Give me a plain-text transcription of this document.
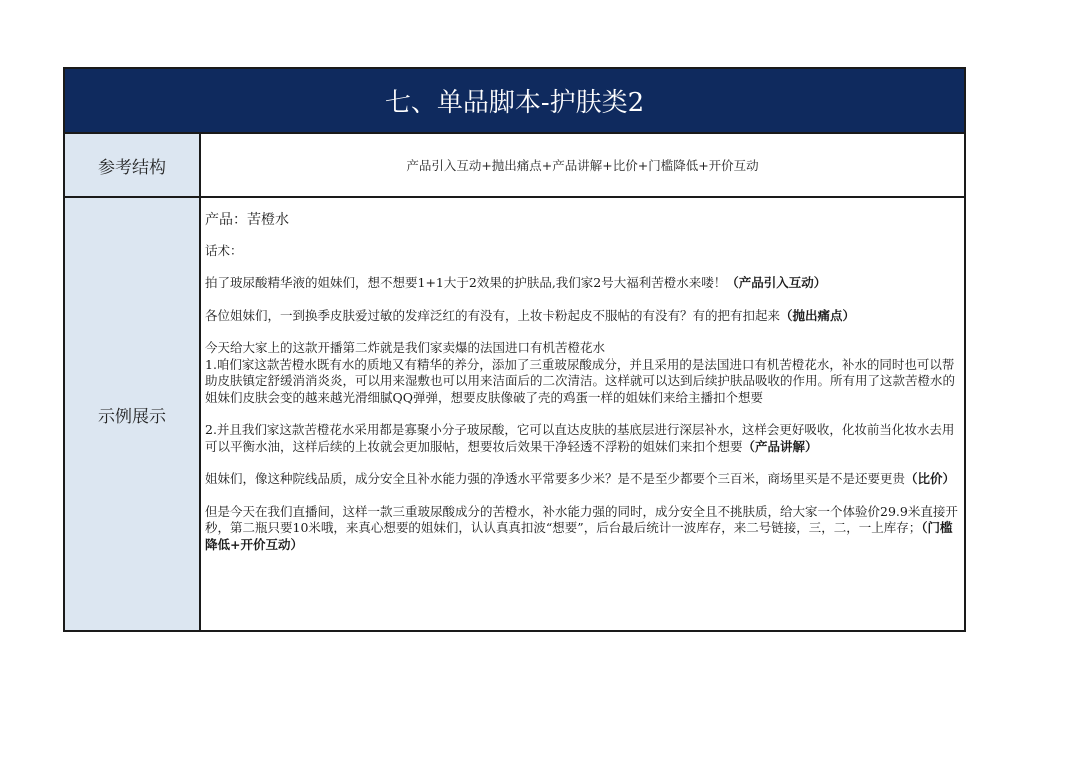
七、单品脚本-护肤类2
参考结构	产品引入互动+抛出痛点+产品讲解+比价+门槛降低+开价互动
示例展示

产品：苦橙水

话术：

拍了玻尿酸精华液的姐妹们，想不想要1+1大于2效果的护肤品,我们家2号大福利苦橙水来喽！（产品引入互动）

各位姐妹们，一到换季皮肤爱过敏的发痒泛红的有没有，上妆卡粉起皮不服帖的有没有？有的把有扣起来（抛出痛点）

今天给大家上的这款开播第二炸就是我们家卖爆的法国进口有机苦橙花水

1.咱们家这款苦橙水既有水的质地又有精华的养分，添加了三重玻尿酸成分，并且采用的是法国进口有机苦橙花水，补水的同时也可以帮助皮肤镇定舒缓消消炎炎，可以用来湿敷也可以用来洁面后的二次清洁。这样就可以达到后续护肤品吸收的作用。所有用了这款苦橙水的姐妹们皮肤会变的越来越光滑细腻QQ弹弹，想要皮肤像破了壳的鸡蛋一样的姐妹们来给主播扣个想要

2.并且我们家这款苦橙花水采用都是寡聚小分子玻尿酸，它可以直达皮肤的基底层进行深层补水，这样会更好吸收，化妆前当化妆水去用可以平衡水油，这样后续的上妆就会更加服帖，想要妆后效果干净轻透不浮粉的姐妹们来扣个想要（产品讲解）

姐妹们，像这种院线品质，成分安全且补水能力强的净透水平常要多少米？是不是至少都要个三百米，商场里买是不是还要更贵（比价）

但是今天在我们直播间，这样一款三重玻尿酸成分的苦橙水，补水能力强的同时，成分安全且不挑肤质，给大家一个体验价29.9米直接开秒，第二瓶只要10米哦，来真心想要的姐妹们，认认真真扣波“想要”，后台最后统计一波库存，来二号链接，三，二，一上库存；（门槛降低+开价互动）
